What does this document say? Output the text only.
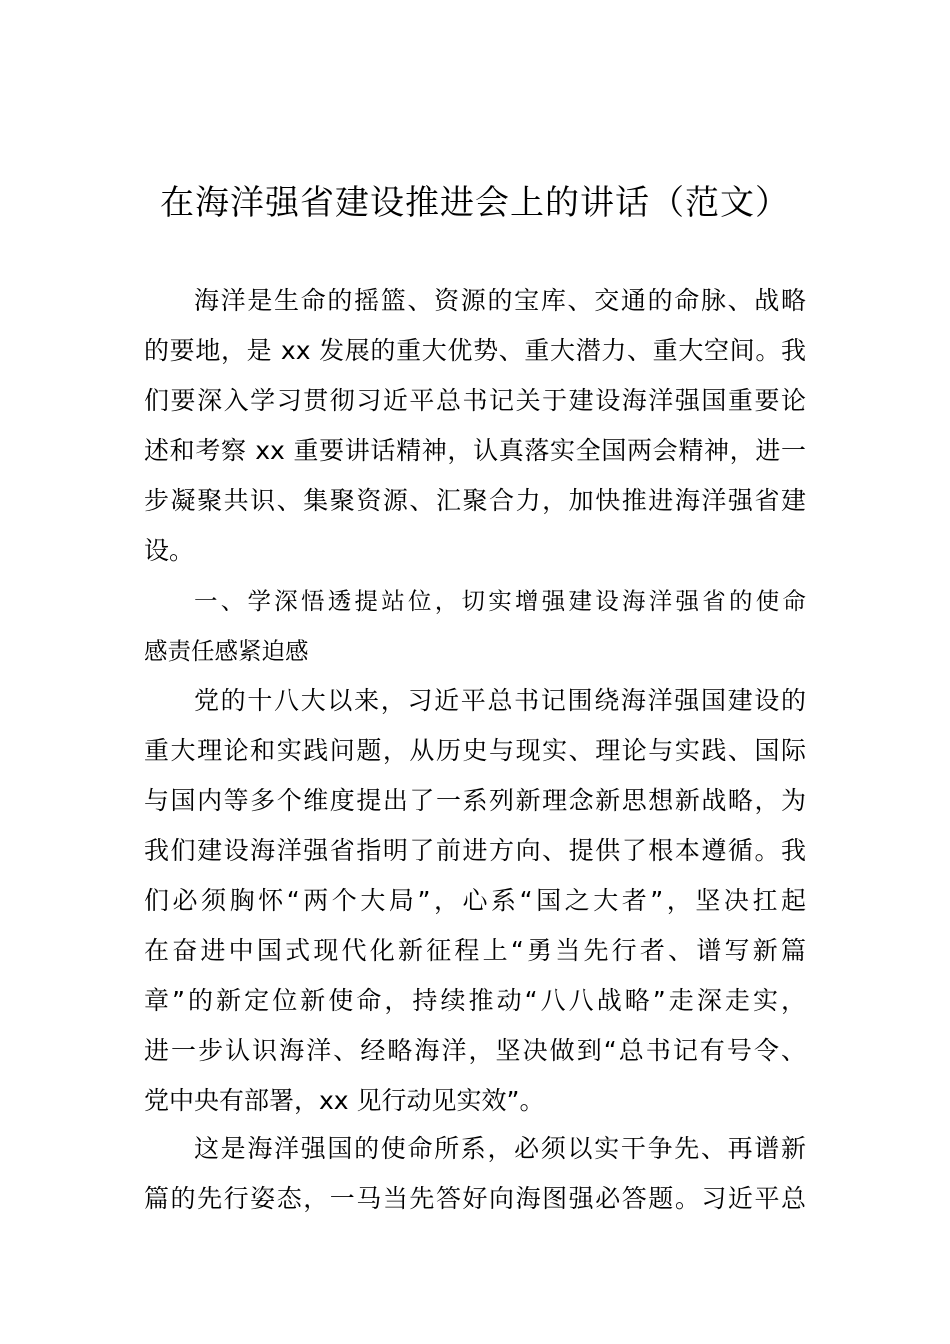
在海洋强省建设推进会上的讲话（范文）
海洋是生命的摇篮、资源的宝库、交通的命脉、战略
的要地，是 xx 发展的重大优势、重大潜力、重大空间。我
们要深入学习贯彻习近平总书记关于建设海洋强国重要论
述和考察 xx 重要讲话精神，认真落实全国两会精神，进一
步凝聚共识、集聚资源、汇聚合力，加快推进海洋强省建
设。
一、学深悟透提站位，切实增强建设海洋强省的使命
感责任感紧迫感
党的十八大以来，习近平总书记围绕海洋强国建设的
重大理论和实践问题，从历史与现实、理论与实践、国际
与国内等多个维度提出了一系列新理念新思想新战略，为
我们建设海洋强省指明了前进方向、提供了根本遵循。我
们必须胸怀“两个大局”，心系“国之大者”，坚决扛起
在奋进中国式现代化新征程上“勇当先行者、谱写新篇
章”的新定位新使命，持续推动“八八战略”走深走实，
进一步认识海洋、经略海洋，坚决做到“总书记有号令、
党中央有部署，xx 见行动见实效”。
这是海洋强国的使命所系，必须以实干争先、再谱新
篇的先行姿态，一马当先答好向海图强必答题。习近平总
